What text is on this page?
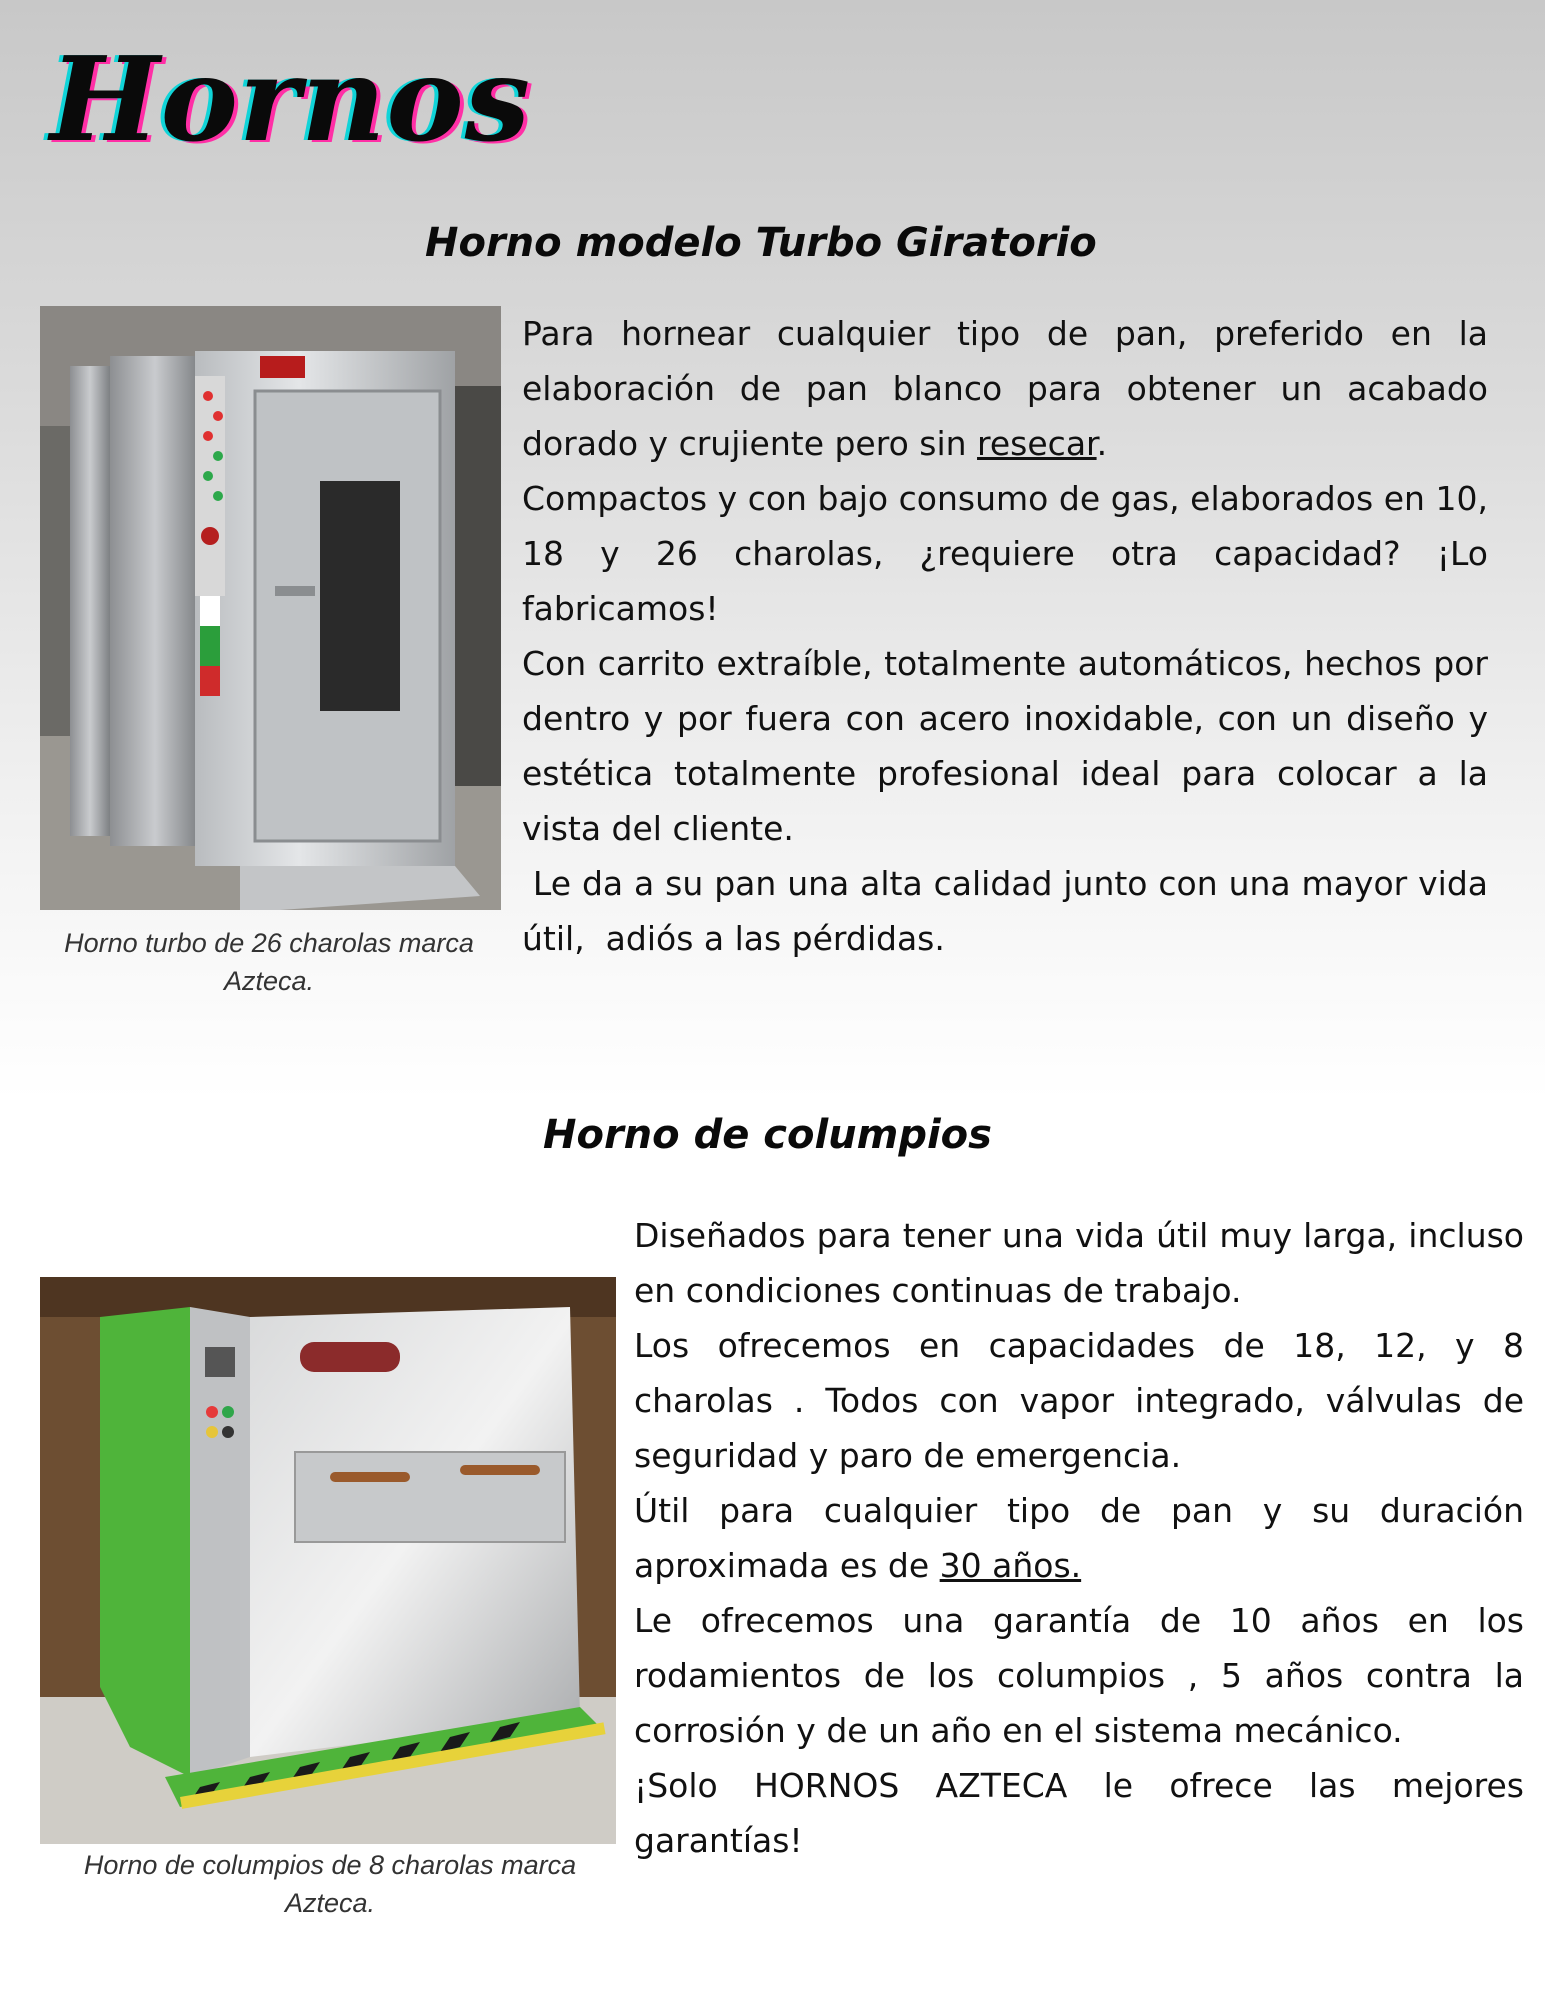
Hornos
Horno modelo Turbo Giratorio
Para hornear cualquier tipo de pan, preferido en la elaboración de pan blanco para obtener un acabado dorado y crujiente pero sin resecar.
Compactos y con bajo consumo de gas, elaborados en 10, 18 y 26 charolas, ¿requiere otra capacidad? ¡Lo fabricamos!
Con carrito extraíble, totalmente automáticos, hechos por dentro y por fuera con acero inoxidable, con un diseño y estética totalmente profesional ideal para colocar a la vista del cliente.
Le da a su pan una alta calidad junto con una mayor vida útil,  adiós a las pérdidas.
Horno turbo de 26 charolas marca Azteca.
Horno de columpios
Diseñados para tener una vida útil muy larga, incluso en condiciones continuas de trabajo.
Los ofrecemos en capacidades de 18, 12, y 8 charolas . Todos con vapor integrado, válvulas de seguridad y paro de emergencia.
Útil para cualquier tipo de pan y su duración aproximada es de 30 años.
Le ofrecemos una garantía de 10 años en los rodamientos de los columpios , 5 años contra la corrosión y de un año en el sistema mecánico.
¡Solo HORNOS AZTECA le ofrece las mejores garantías!
Horno de columpios de 8 charolas marca Azteca.
